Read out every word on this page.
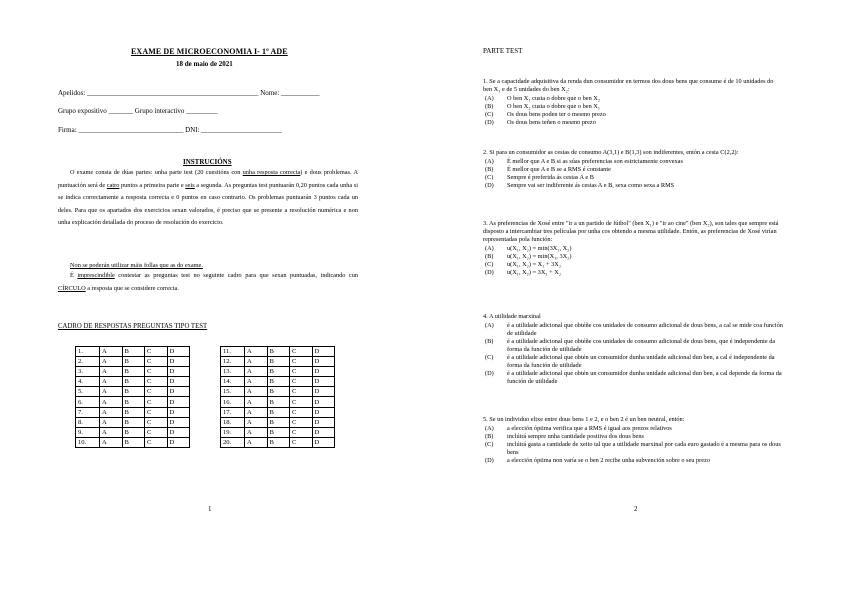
EXAME DE MICROECONOMIA I- 1º ADE
18 de maio de 2021
Apelidos: _________________________________________________ Nome: ___________
Grupo expositivo _______ Grupo interactivo _________
Firma: ______________________________ DNI: _______________________
INSTRUCIÓNS
O exame consta de dúas partes: unha parte test (20 cuestións con unha resposta correcta) e dous problemas. A puntuación será de catro puntos a primeira parte e seis a segunda. As preguntas test puntuarán 0,20 puntos cada unha si se indica correctamente a resposta correcta e 0 puntos en caso contrario. Os problemas puntuarán 3 puntos cada un deles. Para que os apartados dos exercicios sexan valorados, é preciso que se presente a resolución numérica e non unha explicación detallada do proceso de resolución do exercicio.
Non se poderán utilizar máis follas que as do exame.
É imprescindible contestar as preguntas test no seguinte cadro para que sexan puntuadas, indicando cun CÍRCULO a resposta que se considere correcta.
CADRO DE RESPOSTAS PREGUNTAS TIPO TEST
1.	A	B	C	D
2.	A	B	C	D
3.	A	B	C	D
4.	A	B	C	D
5.	A	B	C	D
6.	A	B	C	D
7.	A	B	C	D
8.	A	B	C	D
9.	A	B	C	D
10.	A	B	C	D
11.	A	B	C	D
12.	A	B	C	D
13.	A	B	C	D
14.	A	B	C	D
15.	A	B	C	D
16.	A	B	C	D
17.	A	B	C	D
18.	A	B	C	D
19.	A	B	C	D
20.	A	B	C	D
1
PARTE TEST
1. Se a capacidade adquisitiva da renda dun consumidor en termos dos dous bens que consume é de 10 unidades do ben X₁ e de 5 unidades do ben X₂:
(A)	O ben X₁ custa o dobre que o ben X₂
(B)	O ben X₂ custa o dobre que o ben X₁
(C)	Os dous bens poden ter o mesmo prezo
(D)	Os dous bens teñen o mesmo prezo
2. Si para un consumidor as cestas de consumo A(3,1) e B(1,3) son indiferentes, entón a cesta C(2,2):
(A)	É mellor que A e B si as súas preferencias son estrictamente convexas
(B)	É mellor que A e B se a RMS é constante
(C)	Sempre é preferida ás cestas A e B
(D)	Sempre vai ser indiferente ás cestas A e B, sexa como sexa a RMS
3. As preferencias de Xosé entre "ir a un partido de fútbol" (ben X₁) e "ir ao cine" (ben X₂), son tales que sempre está disposto a intercambiar tres películas por unha cos obtendo a mesma utilidade. Entón, as preferencias de Xosé virían representadas pola función:
(A)	u(X₁, X₂) = min(3X₁, X₂)
(B)	u(X₁, X₂) = min(X₁, 3X₂)
(C)	u(X₁, X₂) = X₁ + 3X₂
(D)	u(X₁, X₂) = 3X₁ + X₂
4. A utilidade marxinal
(A)	é a utilidade adicional que obtéñe cos unidades de consumo adicional de dous bens, a cal se mide coa función de utilidade
(B)	é a utilidade adicional que obtéñe cos unidades de consumo adicional de dous bens, que é independente da forma da función de utilidade
(C)	é a utilidade adicional que obtén un consumidor dunha unidade adicional dun ben, a cal é independente da forma da función de utilidade
(D)	é a utilidade adicional que obtén un consumidor dunha unidade adicional dun ben, a cal depende da forma da función de utilidade
5. Se un individuo elixe entre dous bens 1 e 2, e o ben 2 é un ben neutral, entón:
(A)	a elección óptima verifica que a RMS é igual aos prezos relativos
(B)	inclúirá sempre unha cantidade positiva dos dous bens
(C)	inclúirá gasta a cantidade de xeito tal que a utilidade marxinal por cada euro gastado é a mesma para os dous bens
(D)	a elección óptima non varía se o ben 2 recibe unha subvención sobre o seu prezo
2
